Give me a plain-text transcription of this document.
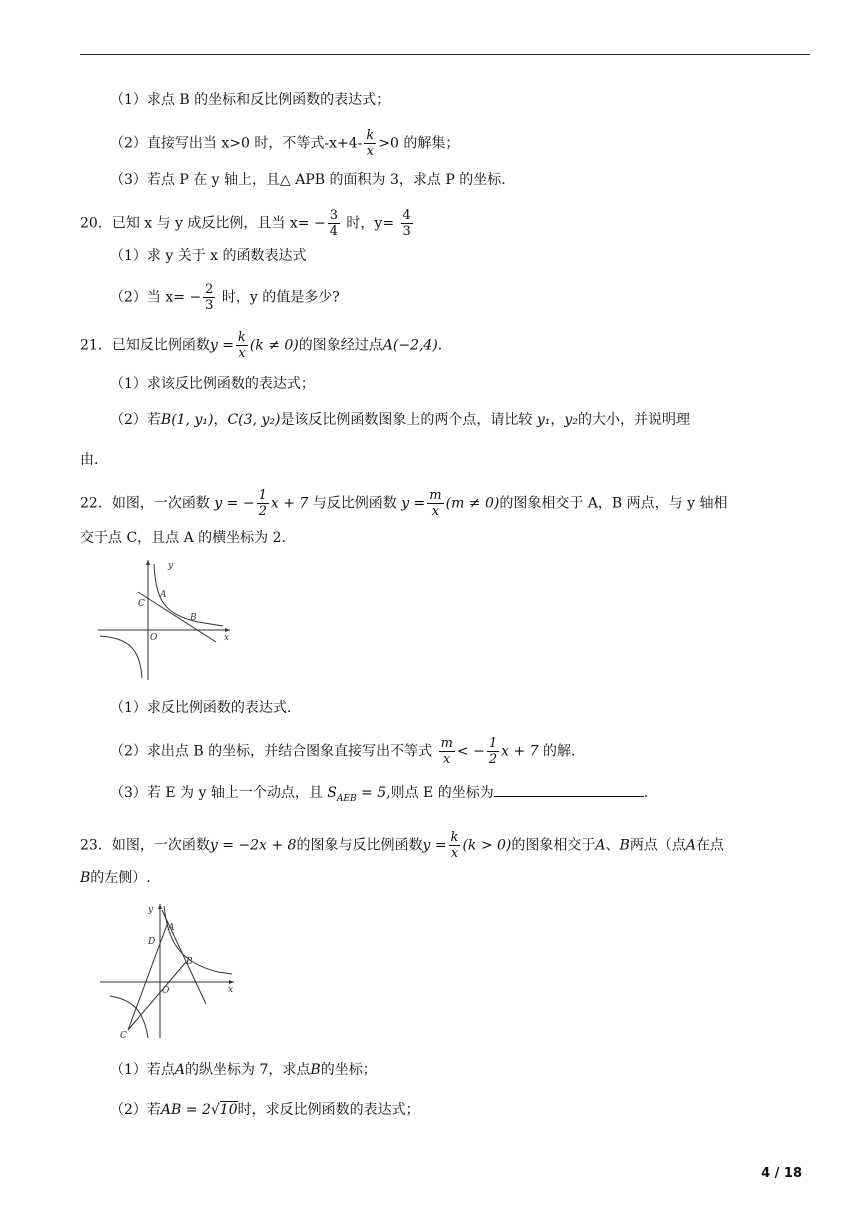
（1）求点 B 的坐标和反比例函数的表达式；
（2）直接写出当 x>0 时，不等式$-x+4- \frac{k}{x} >0$ 的解集；
（3）若点 P 在 y 轴上，且△ APB 的面积为 3，求点 P 的坐标.
20．已知 x 与 y 成反比例，且当 $x= - \frac{3}{4}$ 时，$y= \frac{4}{3}$
（1）求 y 关于 x 的函数表达式
（2）当 $x= - \frac{2}{3}$ 时，y 的值是多少?
21．已知反比例函数$y = \frac{k}{x} (k \ne 0)$的图象经过点A(−2,4).
（1）求该反比例函数的表达式；
（2）若B(1, y₁)，C(3, y₂)是该反比例函数图象上的两个点，请比较 y₁，y₂的大小，并说明理
由.
22．如图，一次函数 y = − $\frac{1}{2}$ x + 7 与反比例函数 $y = \frac{m}{x} (m \ne 0)$的图象相交于 A，B 两点，与 y 轴相
交于点 C，且点 A 的横坐标为 2.
y
x
O
A
B
C
（1）求反比例函数的表达式.
（2）求出点 B 的坐标，并结合图象直接写出不等式 $\frac{m}{x}$ < − $\frac{1}{2}$ x + 7 的解.
（3）若 E 为 y 轴上一个动点，且 $S_{AEB} = 5$,则点 E 的坐标为	.
23．如图，一次函数y = −2x + 8的图象与反比例函数$y = \frac{k}{x} (k > 0)$的图象相交于A、B两点（点A在点
B的左侧）.
y
x
O
A
B
C
D
（1）若点A的纵坐标为 7，求点B的坐标；
（2）若AB = 2√10时，求反比例函数的表达式；
4 / 18
